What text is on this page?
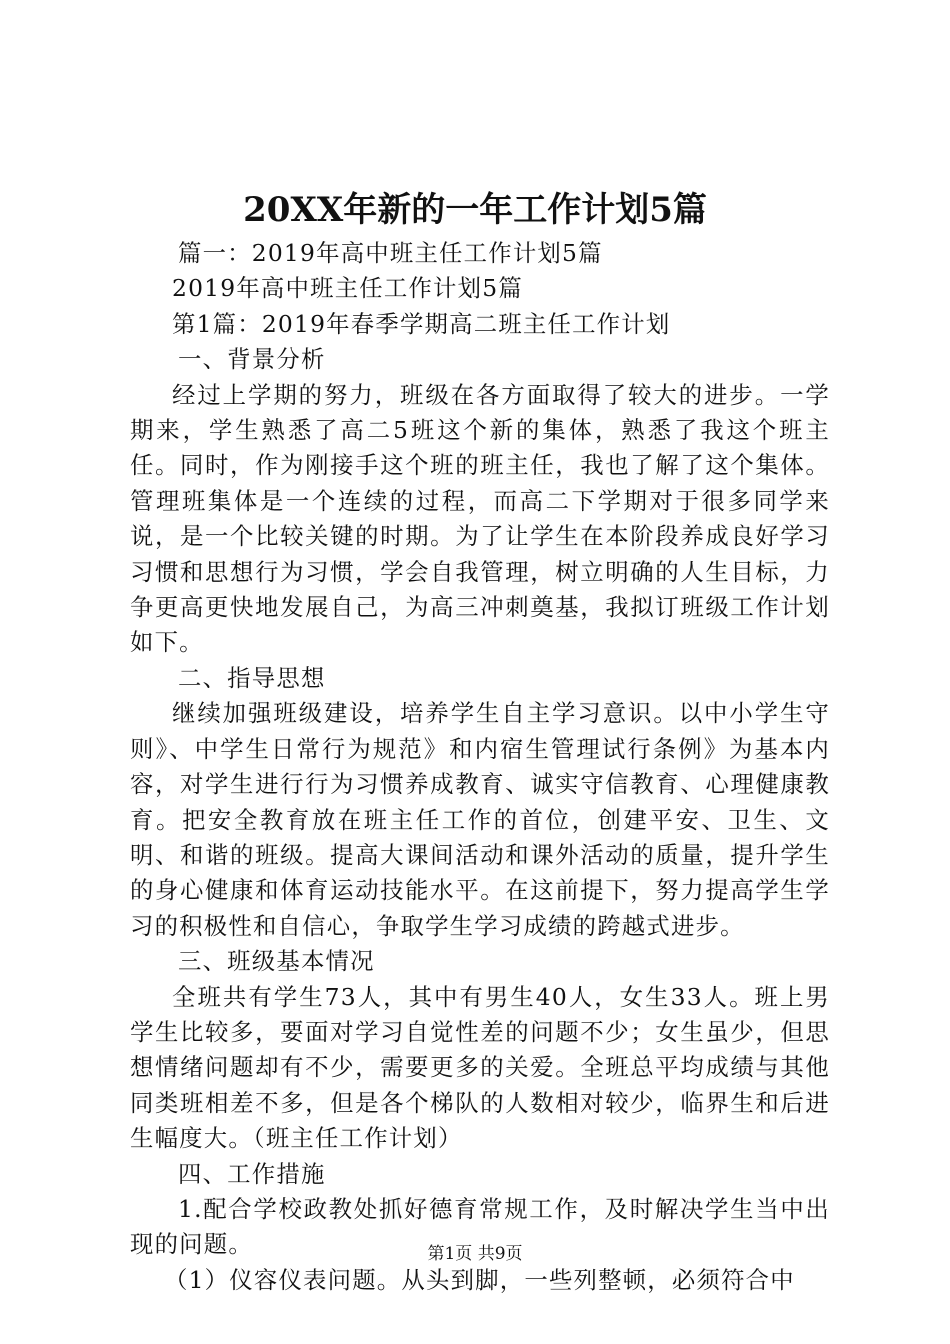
20XX年新的一年工作计划5篇

篇一：2019年高中班主任工作计划5篇

2019年高中班主任工作计划5篇

第1篇：2019年春季学期高二班主任工作计划

一、背景分析

经过上学期的努力，班级在各方面取得了较大的进步。一学期来，学生熟悉了高二5班这个新的集体，熟悉了我这个班主任。同时，作为刚接手这个班的班主任，我也了解了这个集体。管理班集体是一个连续的过程，而高二下学期对于很多同学来说，是一个比较关键的时期。为了让学生在本阶段养成良好学习习惯和思想行为习惯，学会自我管理，树立明确的人生目标，力争更高更快地发展自己，为高三冲刺奠基，我拟订班级工作计划如下。

二、指导思想

继续加强班级建设，培养学生自主学习意识。以中小学生守则》、中学生日常行为规范》和内宿生管理试行条例》为基本内容，对学生进行行为习惯养成教育、诚实守信教育、心理健康教育。把安全教育放在班主任工作的首位，创建平安、卫生、文明、和谐的班级。提高大课间活动和课外活动的质量，提升学生的身心健康和体育运动技能水平。在这前提下，努力提高学生学习的积极性和自信心，争取学生学习成绩的跨越式进步。

三、班级基本情况

全班共有学生73人，其中有男生40人，女生33人。班上男学生比较多，要面对学习自觉性差的问题不少；女生虽少，但思想情绪问题却有不少，需要更多的关爱。全班总平均成绩与其他同类班相差不多，但是各个梯队的人数相对较少，临界生和后进生幅度大。（班主任工作计划）

四、工作措施

1.配合学校政教处抓好德育常规工作，及时解决学生当中出现的问题。

（1）仪容仪表问题。从头到脚，一些列整顿，必须符合中

第1页 共9页
